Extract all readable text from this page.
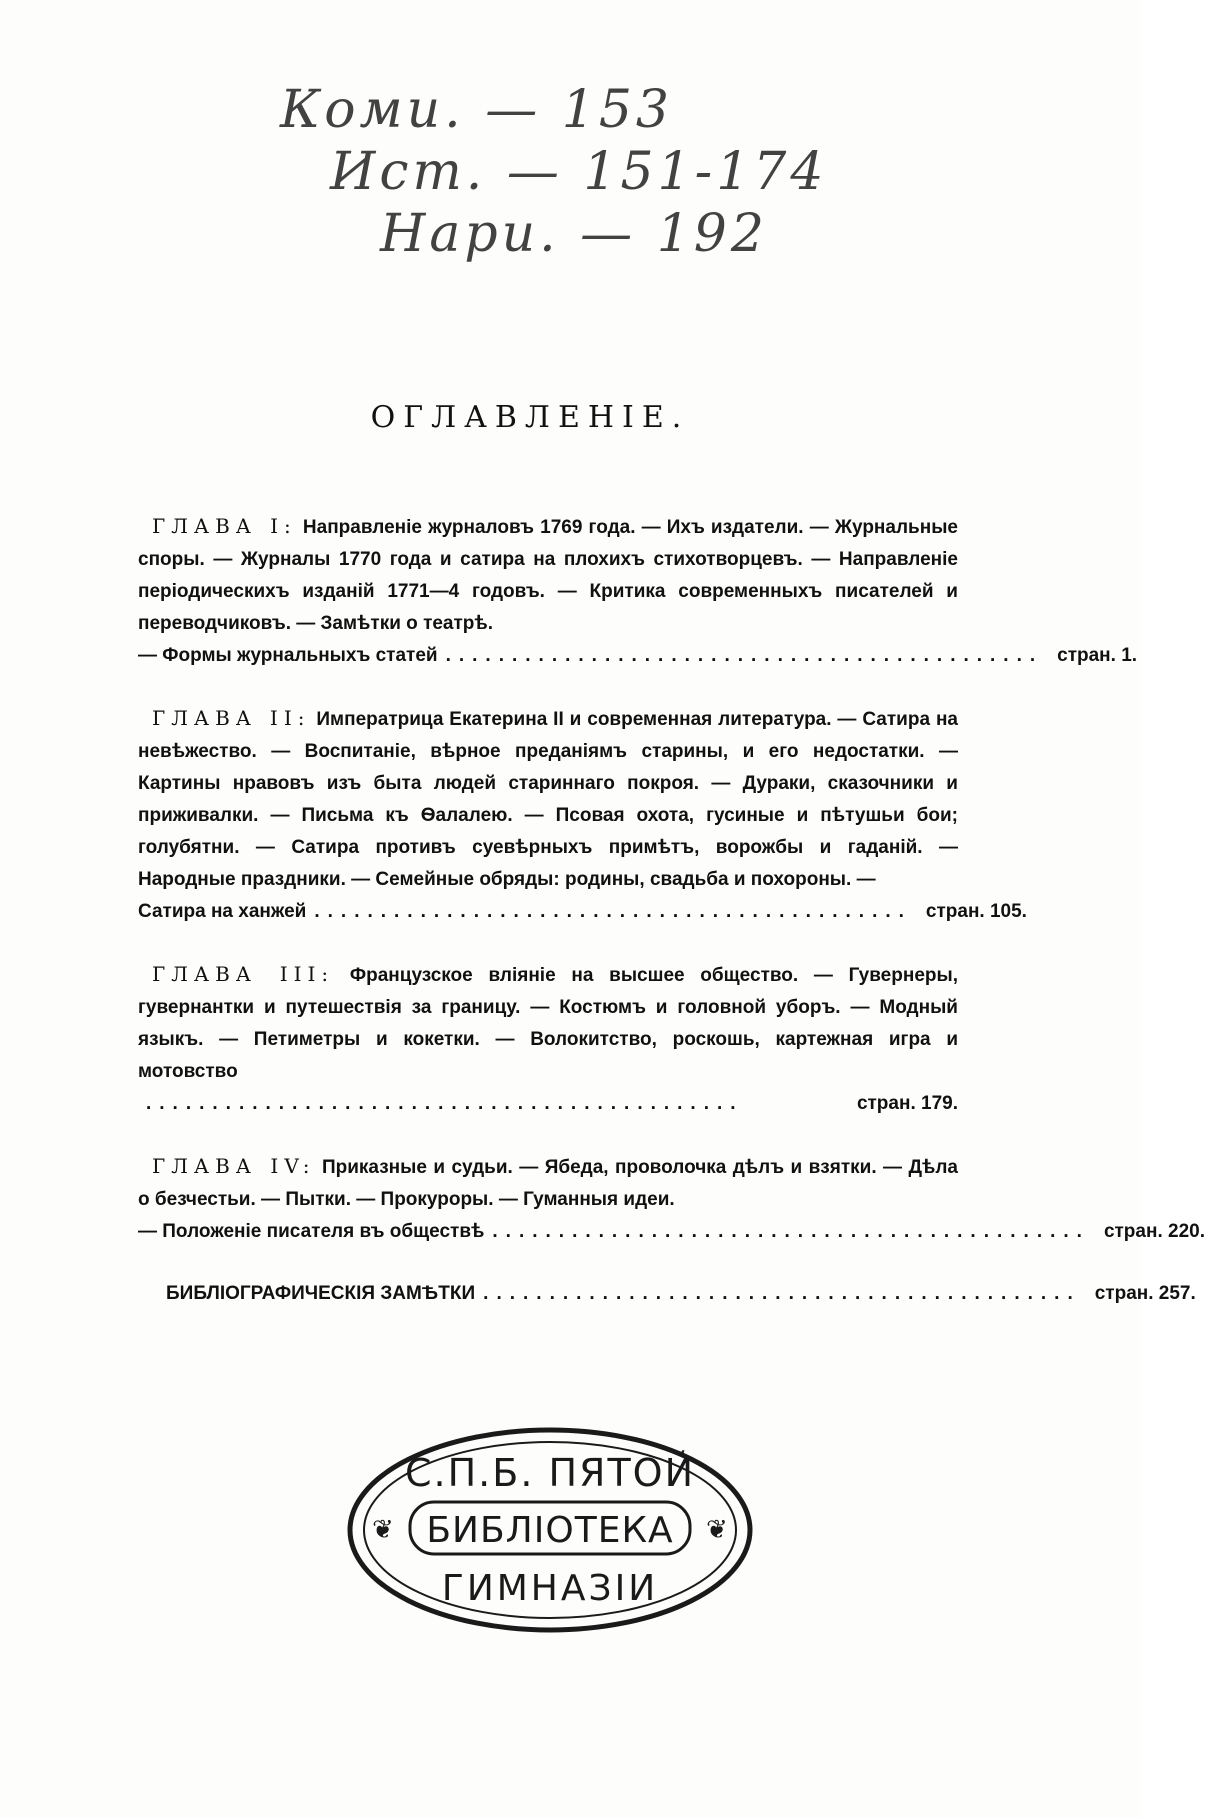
Коми. — 153
Ист. — 151-174
Нари. — 192
ОГЛАВЛЕНІЕ.
ГЛАВА I: Направленіе журналовъ 1769 года. — Ихъ издатели. — Журнальные споры. — Журналы 1770 года и сатира на плохихъ стихотворцевъ. — Направленіе періодическихъ изданій 1771—4 годовъ. — Критика современныхъ писателей и переводчиковъ. — Замѣтки о театрѣ.
— Формы журнальныхъ статей ............................................. стран. 1.
ГЛАВА II: Императрица Екатерина II и современная литература. — Сатира на невѣжество. — Воспитаніе, вѣрное преданіямъ старины, и его недостатки. — Картины нравовъ изъ быта людей стариннаго покроя. — Дураки, сказочники и приживалки. — Письма къ Ѳалалею. — Псовая охота, гусиные и пѣтушьи бои; голубятни. — Сатира противъ суевѣрныхъ примѣтъ, ворожбы и гаданій. — Народные праздники. — Семейные обряды: родины, свадьба и похороны. —
Сатира на ханжей ............................................. стран. 105.
ГЛАВА III: Французское вліяніе на высшее общество. — Гувернеры, гувернантки и путешествія за границу. — Костюмъ и головной уборъ. — Модный языкъ. — Петиметры и кокетки. — Волокитство, роскошь, картежная игра и мотовство
.............................................	стран. 179.
ГЛАВА IV: Приказные и судьи. — Ябеда, проволочка дѣлъ и взятки. — Дѣла о безчестьи. — Пытки. — Прокуроры. — Гуманныя идеи.
— Положеніе писателя въ обществѣ ............................................. стран. 220.
БИБЛІОГРАФИЧЕСКІЯ ЗАМѢТКИ ............................................. стран. 257.
С.П.Б. ПЯТОЙ
БИБЛІОТЕКА
ГИМНАЗІИ
❦	❦
